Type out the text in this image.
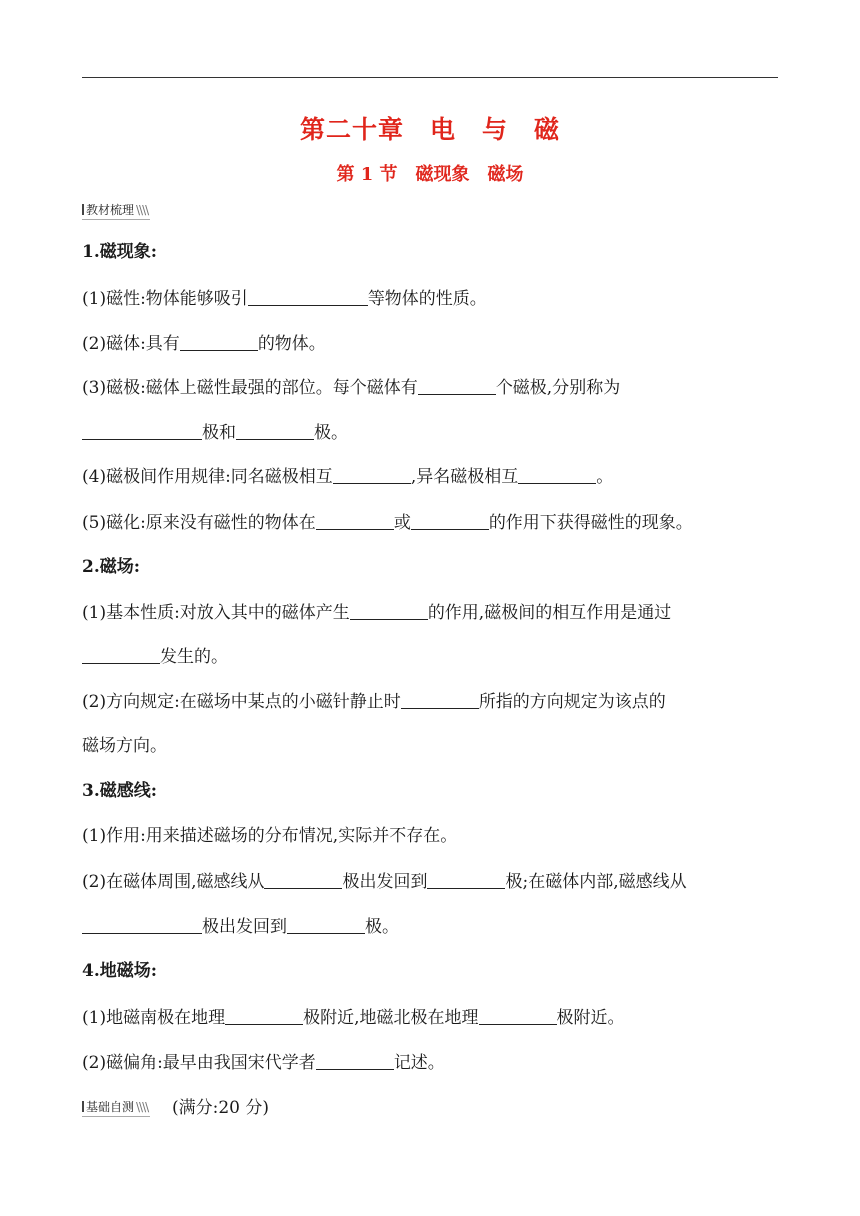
第二十章　电　与　磁
第 1 节　磁现象　磁场
教材梳理 \\\\
1.磁现象:
(1)磁性:物体能够吸引	等物体的性质。
(2)磁体:具有	的物体。
(3)磁极:磁体上磁性最强的部位。每个磁体有	个磁极,分别称为
极和	极。
(4)磁极间作用规律:同名磁极相互	,异名磁极相互	。
(5)磁化:原来没有磁性的物体在	或	的作用下获得磁性的现象。
2.磁场:
(1)基本性质:对放入其中的磁体产生	的作用,磁极间的相互作用是通过
发生的。
(2)方向规定:在磁场中某点的小磁针静止时	所指的方向规定为该点的
磁场方向。
3.磁感线:
(1)作用:用来描述磁场的分布情况,实际并不存在。
(2)在磁体周围,磁感线从	极出发回到	极;在磁体内部,磁感线从
极出发回到	极。
4.地磁场:
(1)地磁南极在地理	极附近,地磁北极在地理	极附近。
(2)磁偏角:最早由我国宋代学者	记述。
基础自测 \\\\ (满分:20 分)
